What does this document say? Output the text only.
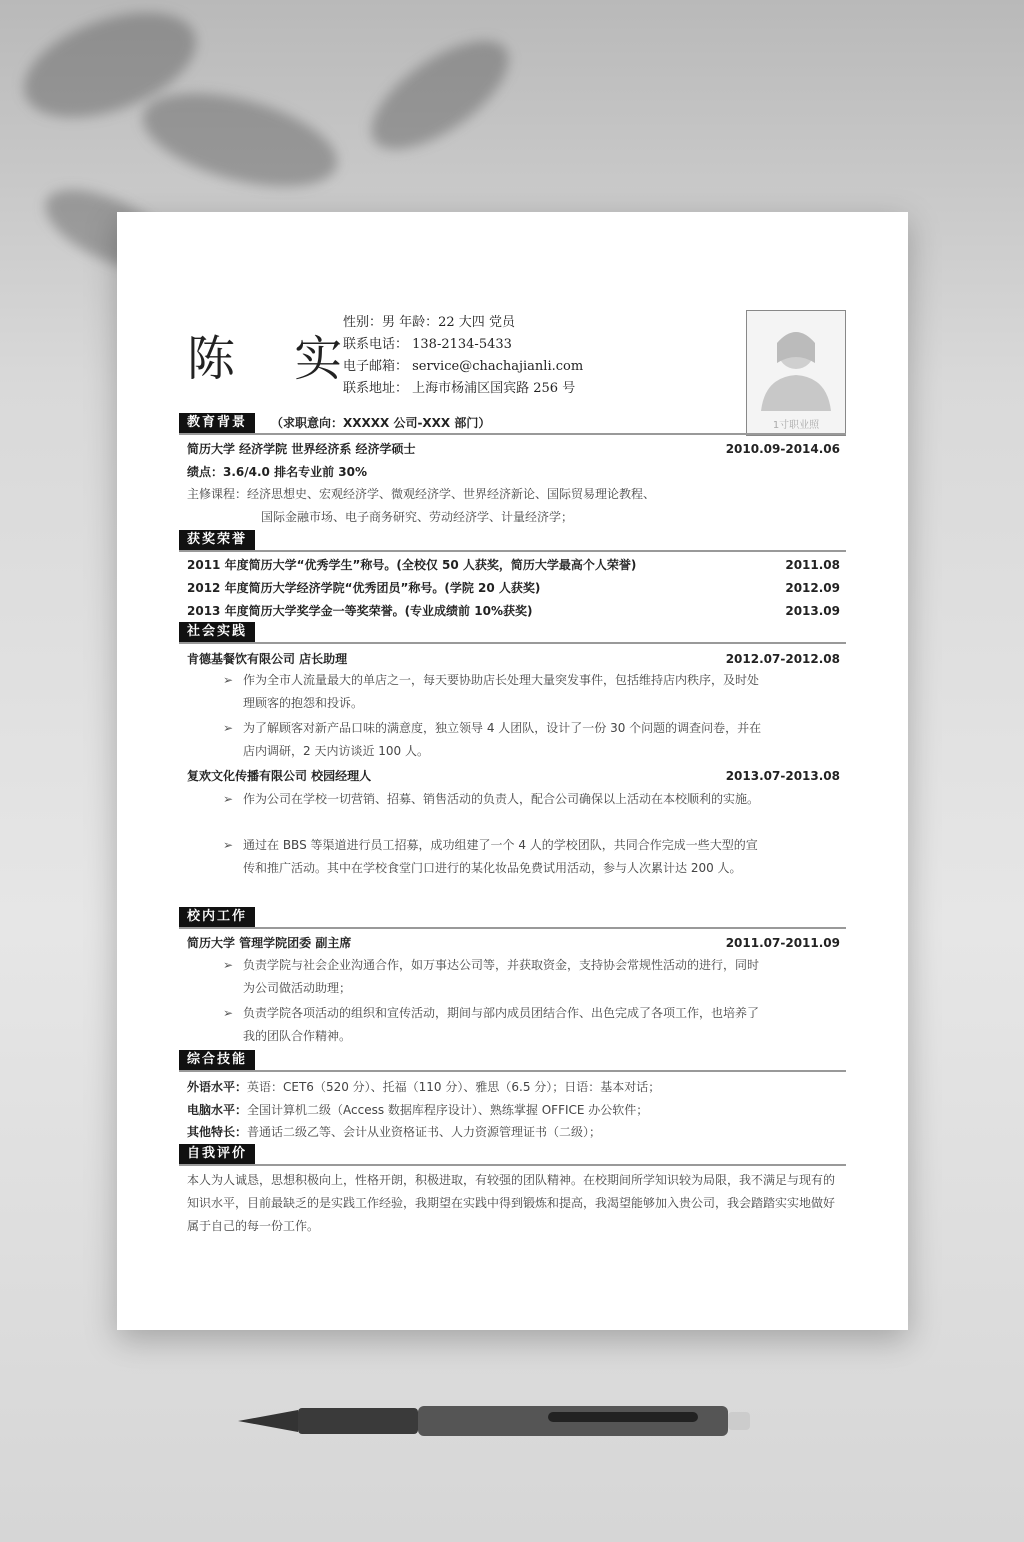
陈 实
性别：男 年龄：22 大四 党员
联系电话： 138-2134-5433
电子邮箱： service@chachajianli.com
联系地址： 上海市杨浦区国宾路 256 号
1寸职业照
教育背景	（求职意向：XXXXX 公司-XXX 部门）
简历大学 经济学院 世界经济系 经济学硕士	2010.09-2014.06
绩点：3.6/4.0 排名专业前 30%
主修课程：经济思想史、宏观经济学、微观经济学、世界经济新论、国际贸易理论教程、
国际金融市场、电子商务研究、劳动经济学、计量经济学；
获奖荣誉
2011 年度简历大学“优秀学生”称号。(全校仅 50 人获奖，简历大学最高个人荣誉)	2011.08
2012 年度简历大学经济学院“优秀团员”称号。(学院 20 人获奖)	2012.09
2013 年度简历大学奖学金一等奖荣誉。(专业成绩前 10%获奖)	2013.09
社会实践
肯德基餐饮有限公司 店长助理	2012.07-2012.08
➢ 作为全市人流量最大的单店之一，每天要协助店长处理大量突发事件，包括维持店内秩序，及时处理顾客的抱怨和投诉。
➢ 为了解顾客对新产品口味的满意度，独立领导 4 人团队，设计了一份 30 个问题的调查问卷，并在店内调研，2 天内访谈近 100 人。
复欢文化传播有限公司 校园经理人	2013.07-2013.08
➢ 作为公司在学校一切营销、招募、销售活动的负责人，配合公司确保以上活动在本校顺利的实施。
➢ 通过在 BBS 等渠道进行员工招募，成功组建了一个 4 人的学校团队，共同合作完成一些大型的宣传和推广活动。其中在学校食堂门口进行的某化妆品免费试用活动，参与人次累计达 200 人。
校内工作
简历大学 管理学院团委 副主席	2011.07-2011.09
➢ 负责学院与社会企业沟通合作，如万事达公司等，并获取资金，支持协会常规性活动的进行，同时为公司做活动助理；
➢ 负责学院各项活动的组织和宣传活动，期间与部内成员团结合作、出色完成了各项工作，也培养了我的团队合作精神。
综合技能
外语水平：英语：CET6（520 分）、托福（110 分）、雅思（6.5 分）；日语：基本对话；
电脑水平：全国计算机二级（Access 数据库程序设计）、熟练掌握 OFFICE 办公软件；
其他特长：普通话二级乙等、会计从业资格证书、人力资源管理证书（二级）；
自我评价
本人为人诚恳，思想积极向上，性格开朗，积极进取，有较强的团队精神。在校期间所学知识较为局限，我不满足与现有的知识水平，目前最缺乏的是实践工作经验，我期望在实践中得到锻炼和提高，我渴望能够加入贵公司，我会踏踏实实地做好属于自己的每一份工作。
